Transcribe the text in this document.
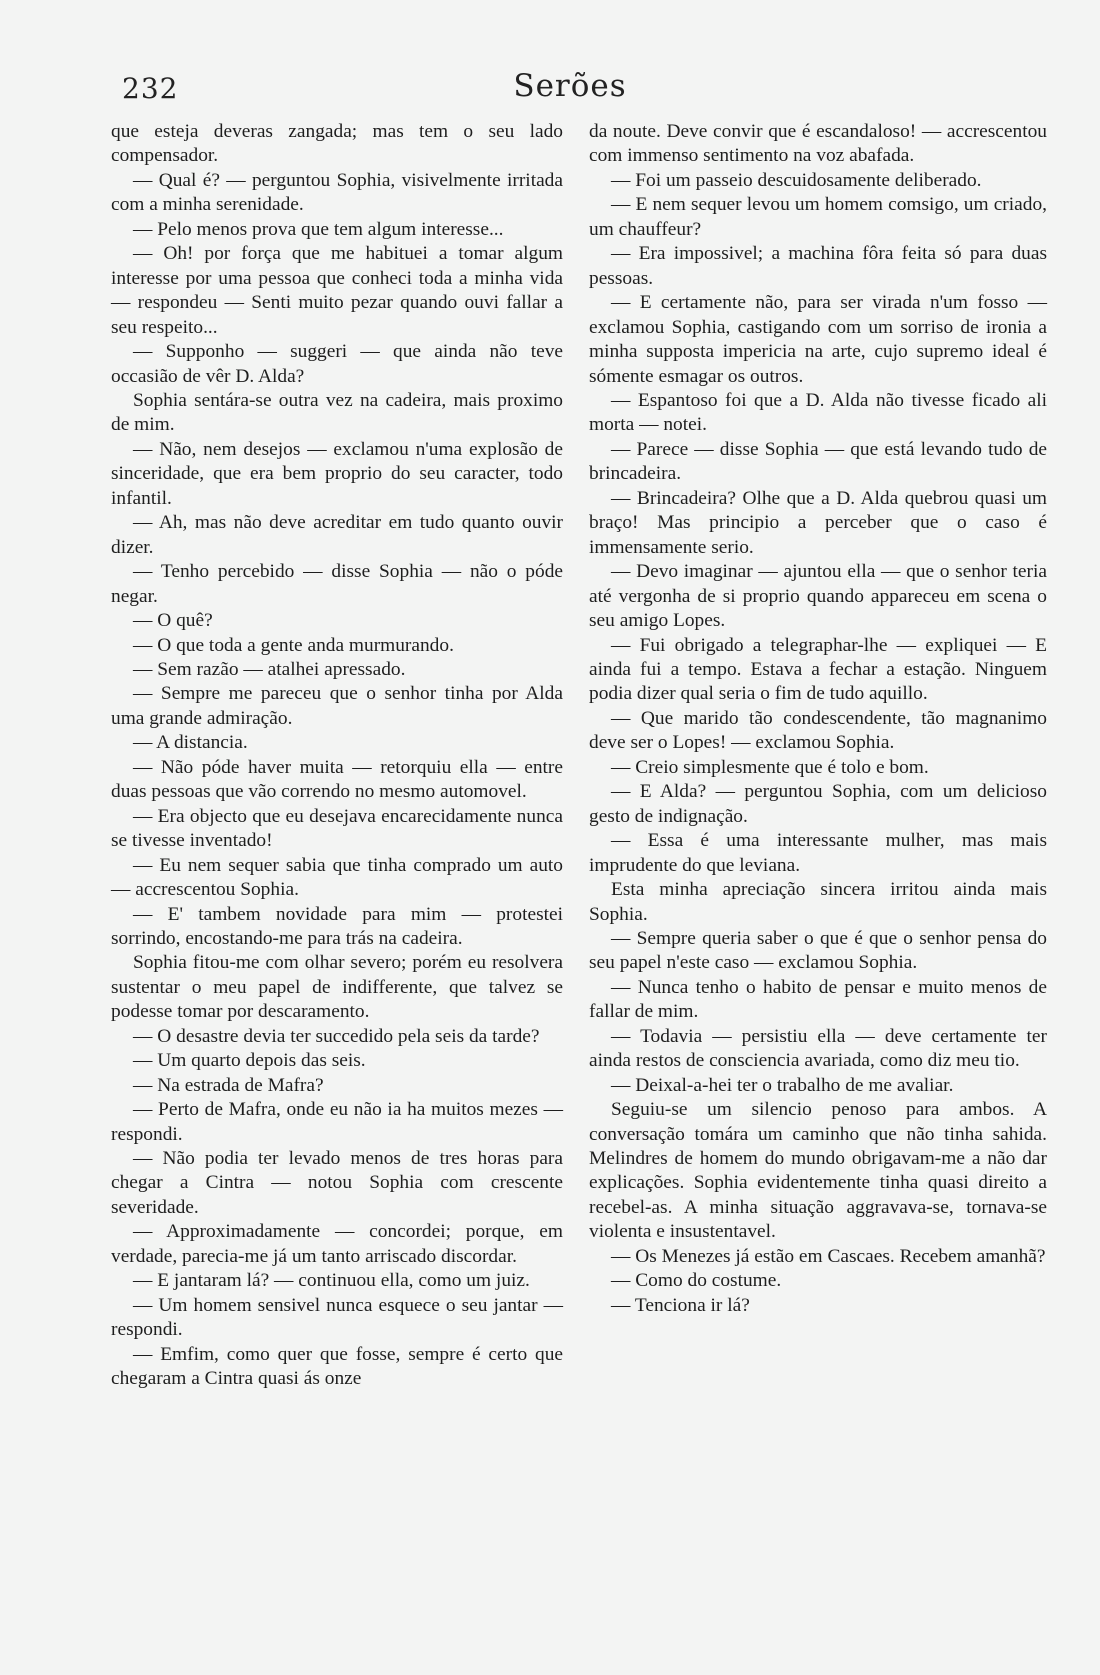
232	Serões

que esteja deveras zangada; mas tem o seu lado compensador.

— Qual é? — perguntou Sophia, visivelmente irritada com a minha serenidade.

— Pelo menos prova que tem algum interesse...

— Oh! por força que me habituei a tomar algum interesse por uma pessoa que conheci toda a minha vida — respondeu — Senti muito pezar quando ouvi fallar a seu respeito...

— Supponho — suggeri — que ainda não teve occasião de vêr D. Alda?

Sophia sentára-se outra vez na cadeira, mais proximo de mim.

— Não, nem desejos — exclamou n'uma explosão de sinceridade, que era bem proprio do seu caracter, todo infantil.

— Ah, mas não deve acreditar em tudo quanto ouvir dizer.

— Tenho percebido — disse Sophia — não o póde negar.

— O quê?

— O que toda a gente anda murmurando.

— Sem razão — atalhei apressado.

— Sempre me pareceu que o senhor tinha por Alda uma grande admiração.

— A distancia.

— Não póde haver muita — retorquiu ella — entre duas pessoas que vão correndo no mesmo automovel.

— Era objecto que eu desejava encarecidamente nunca se tivesse inventado!

— Eu nem sequer sabia que tinha comprado um auto — accrescentou Sophia.

— E' tambem novidade para mim — protestei sorrindo, encostando-me para trás na cadeira.

Sophia fitou-me com olhar severo; porém eu resolvera sustentar o meu papel de indifferente, que talvez se podesse tomar por descaramento.

— O desastre devia ter succedido pela seis da tarde?

— Um quarto depois das seis.

— Na estrada de Mafra?

— Perto de Mafra, onde eu não ia ha muitos mezes — respondi.

— Não podia ter levado menos de tres horas para chegar a Cintra — notou Sophia com crescente severidade.

— Approximadamente — concordei; porque, em verdade, parecia-me já um tanto arriscado discordar.

— E jantaram lá? — continuou ella, como um juiz.

— Um homem sensivel nunca esquece o seu jantar — respondi.

— Emfim, como quer que fosse, sempre é certo que chegaram a Cintra quasi ás onze

da noute. Deve convir que é escandaloso! — accrescentou com immenso sentimento na voz abafada.

— Foi um passeio descuidosamente deliberado.

— E nem sequer levou um homem comsigo, um criado, um chauffeur?

— Era impossivel; a machina fôra feita só para duas pessoas.

— E certamente não, para ser virada n'um fosso — exclamou Sophia, castigando com um sorriso de ironia a minha supposta impericia na arte, cujo supremo ideal é sómente esmagar os outros.

— Espantoso foi que a D. Alda não tivesse ficado ali morta — notei.

— Parece — disse Sophia — que está levando tudo de brincadeira.

— Brincadeira? Olhe que a D. Alda quebrou quasi um braço! Mas principio a perceber que o caso é immensamente serio.

— Devo imaginar — ajuntou ella — que o senhor teria até vergonha de si proprio quando appareceu em scena o seu amigo Lopes.

— Fui obrigado a telegraphar-lhe — expliquei — E ainda fui a tempo. Estava a fechar a estação. Ninguem podia dizer qual seria o fim de tudo aquillo.

— Que marido tão condescendente, tão magnanimo deve ser o Lopes! — exclamou Sophia.

— Creio simplesmente que é tolo e bom.

— E Alda? — perguntou Sophia, com um delicioso gesto de indignação.

— Essa é uma interessante mulher, mas mais imprudente do que leviana.

Esta minha apreciação sincera irritou ainda mais Sophia.

— Sempre queria saber o que é que o senhor pensa do seu papel n'este caso — exclamou Sophia.

— Nunca tenho o habito de pensar e muito menos de fallar de mim.

— Todavia — persistiu ella — deve certamente ter ainda restos de consciencia avariada, como diz meu tio.

— Deixal-a-hei ter o trabalho de me avaliar.

Seguiu-se um silencio penoso para ambos. A conversação tomára um caminho que não tinha sahida. Melindres de homem do mundo obrigavam-me a não dar explicações. Sophia evidentemente tinha quasi direito a recebel-as. A minha situação aggravava-se, tornava-se violenta e insustentavel.

— Os Menezes já estão em Cascaes. Recebem amanhã?

— Como do costume.

— Tenciona ir lá?
